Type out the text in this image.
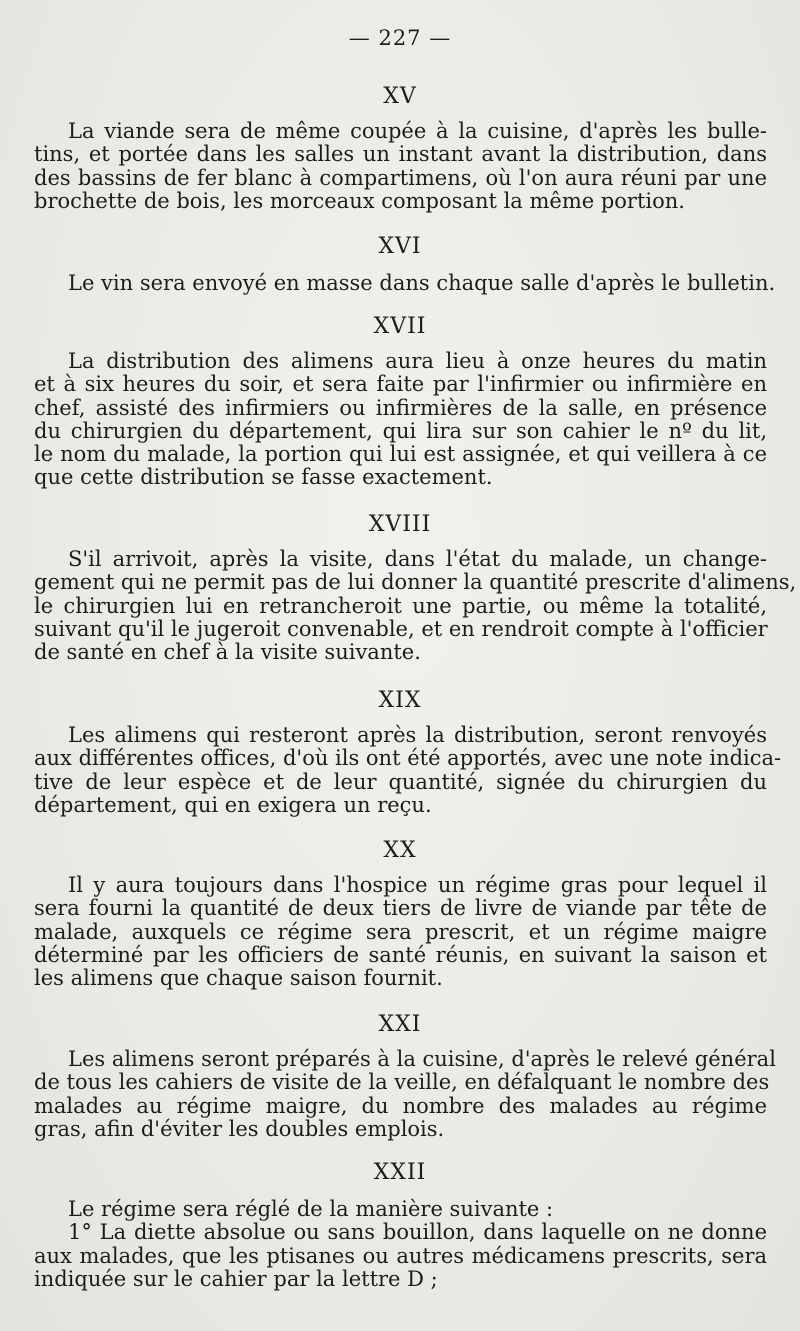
— 227 —
XV
La viande sera de même coupée à la cuisine, d'après les bulle-
tins, et portée dans les salles un instant avant la distribution, dans
des bassins de fer blanc à compartimens, où l'on aura réuni par une
brochette de bois, les morceaux composant la même portion.
XVI
Le vin sera envoyé en masse dans chaque salle d'après le bulletin.
XVII
La distribution des alimens aura lieu à onze heures du matin
et à six heures du soir, et sera faite par l'infirmier ou infirmière en
chef, assisté des infirmiers ou infirmières de la salle, en présence
du chirurgien du département, qui lira sur son cahier le nº du lit,
le nom du malade, la portion qui lui est assignée, et qui veillera à ce
que cette distribution se fasse exactement.
XVIII
S'il arrivoit, après la visite, dans l'état du malade, un change-
gement qui ne permit pas de lui donner la quantité prescrite d'alimens,
le chirurgien lui en retrancheroit une partie, ou même la totalité,
suivant qu'il le jugeroit convenable, et en rendroit compte à l'officier
de santé en chef à la visite suivante.
XIX
Les alimens qui resteront après la distribution, seront renvoyés
aux différentes offices, d'où ils ont été apportés, avec une note indica-
tive de leur espèce et de leur quantité, signée du chirurgien du
département, qui en exigera un reçu.
XX
Il y aura toujours dans l'hospice un régime gras pour lequel il
sera fourni la quantité de deux tiers de livre de viande par tête de
malade, auxquels ce régime sera prescrit, et un régime maigre
déterminé par les officiers de santé réunis, en suivant la saison et
les alimens que chaque saison fournit.
XXI
Les alimens seront préparés à la cuisine, d'après le relevé général
de tous les cahiers de visite de la veille, en défalquant le nombre des
malades au régime maigre, du nombre des malades au régime
gras, afin d'éviter les doubles emplois.
XXII
Le régime sera réglé de la manière suivante :
1° La diette absolue ou sans bouillon, dans laquelle on ne donne
aux malades, que les ptisanes ou autres médicamens prescrits, sera
indiquée sur le cahier par la lettre D ;
